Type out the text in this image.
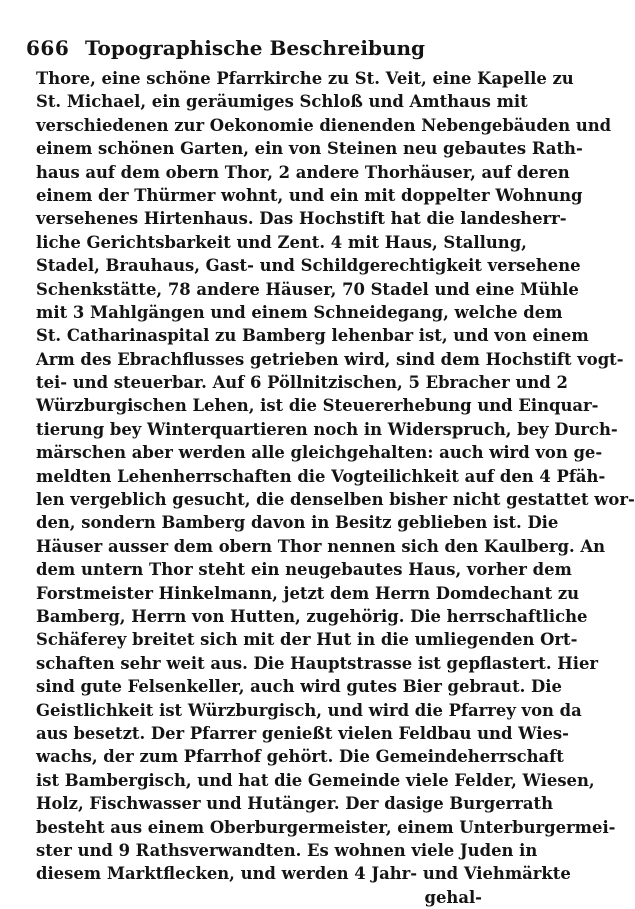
666 Topographische Beschreibung
Thore, eine schöne Pfarrkirche zu St. Veit, eine Kapelle zu
St. Michael, ein geräumiges Schloß und Amthaus mit
verschiedenen zur Oekonomie dienenden Nebengebäuden und
einem schönen Garten, ein von Steinen neu gebautes Rath-
haus auf dem obern Thor, 2 andere Thorhäuser, auf deren
einem der Thürmer wohnt, und ein mit doppelter Wohnung
versehenes Hirtenhaus. Das Hochstift hat die landesherr-
liche Gerichtsbarkeit und Zent. 4 mit Haus, Stallung,
Stadel, Brauhaus, Gast- und Schildgerechtigkeit versehene
Schenkstätte, 78 andere Häuser, 70 Stadel und eine Mühle
mit 3 Mahlgängen und einem Schneidegang, welche dem
St. Catharinaspital zu Bamberg lehenbar ist, und von einem
Arm des Ebrachflusses getrieben wird, sind dem Hochstift vogt-
tei- und steuerbar. Auf 6 Pöllnitzischen, 5 Ebracher und 2
Würzburgischen Lehen, ist die Steuererhebung und Einquar-
tierung bey Winterquartieren noch in Widerspruch, bey Durch-
märschen aber werden alle gleichgehalten: auch wird von ge-
meldten Lehenherrschaften die Vogteilichkeit auf den 4 Pfäh-
len vergeblich gesucht, die denselben bisher nicht gestattet wor-
den, sondern Bamberg davon in Besitz geblieben ist. Die
Häuser ausser dem obern Thor nennen sich den Kaulberg. An
dem untern Thor steht ein neugebautes Haus, vorher dem
Forstmeister Hinkelmann, jetzt dem Herrn Domdechant zu
Bamberg, Herrn von Hutten, zugehörig. Die herrschaftliche
Schäferey breitet sich mit der Hut in die umliegenden Ort-
schaften sehr weit aus. Die Hauptstrasse ist gepflastert. Hier
sind gute Felsenkeller, auch wird gutes Bier gebraut. Die
Geistlichkeit ist Würzburgisch, und wird die Pfarrey von da
aus besetzt. Der Pfarrer genießt vielen Feldbau und Wies-
wachs, der zum Pfarrhof gehört. Die Gemeindeherrschaft
ist Bambergisch, und hat die Gemeinde viele Felder, Wiesen,
Holz, Fischwasser und Hutänger. Der dasige Burgerrath
besteht aus einem Oberburgermeister, einem Unterburgermei-
ster und 9 Rathsverwandten. Es wohnen viele Juden in
diesem Marktflecken, und werden 4 Jahr- und Viehmärkte
gehal-
